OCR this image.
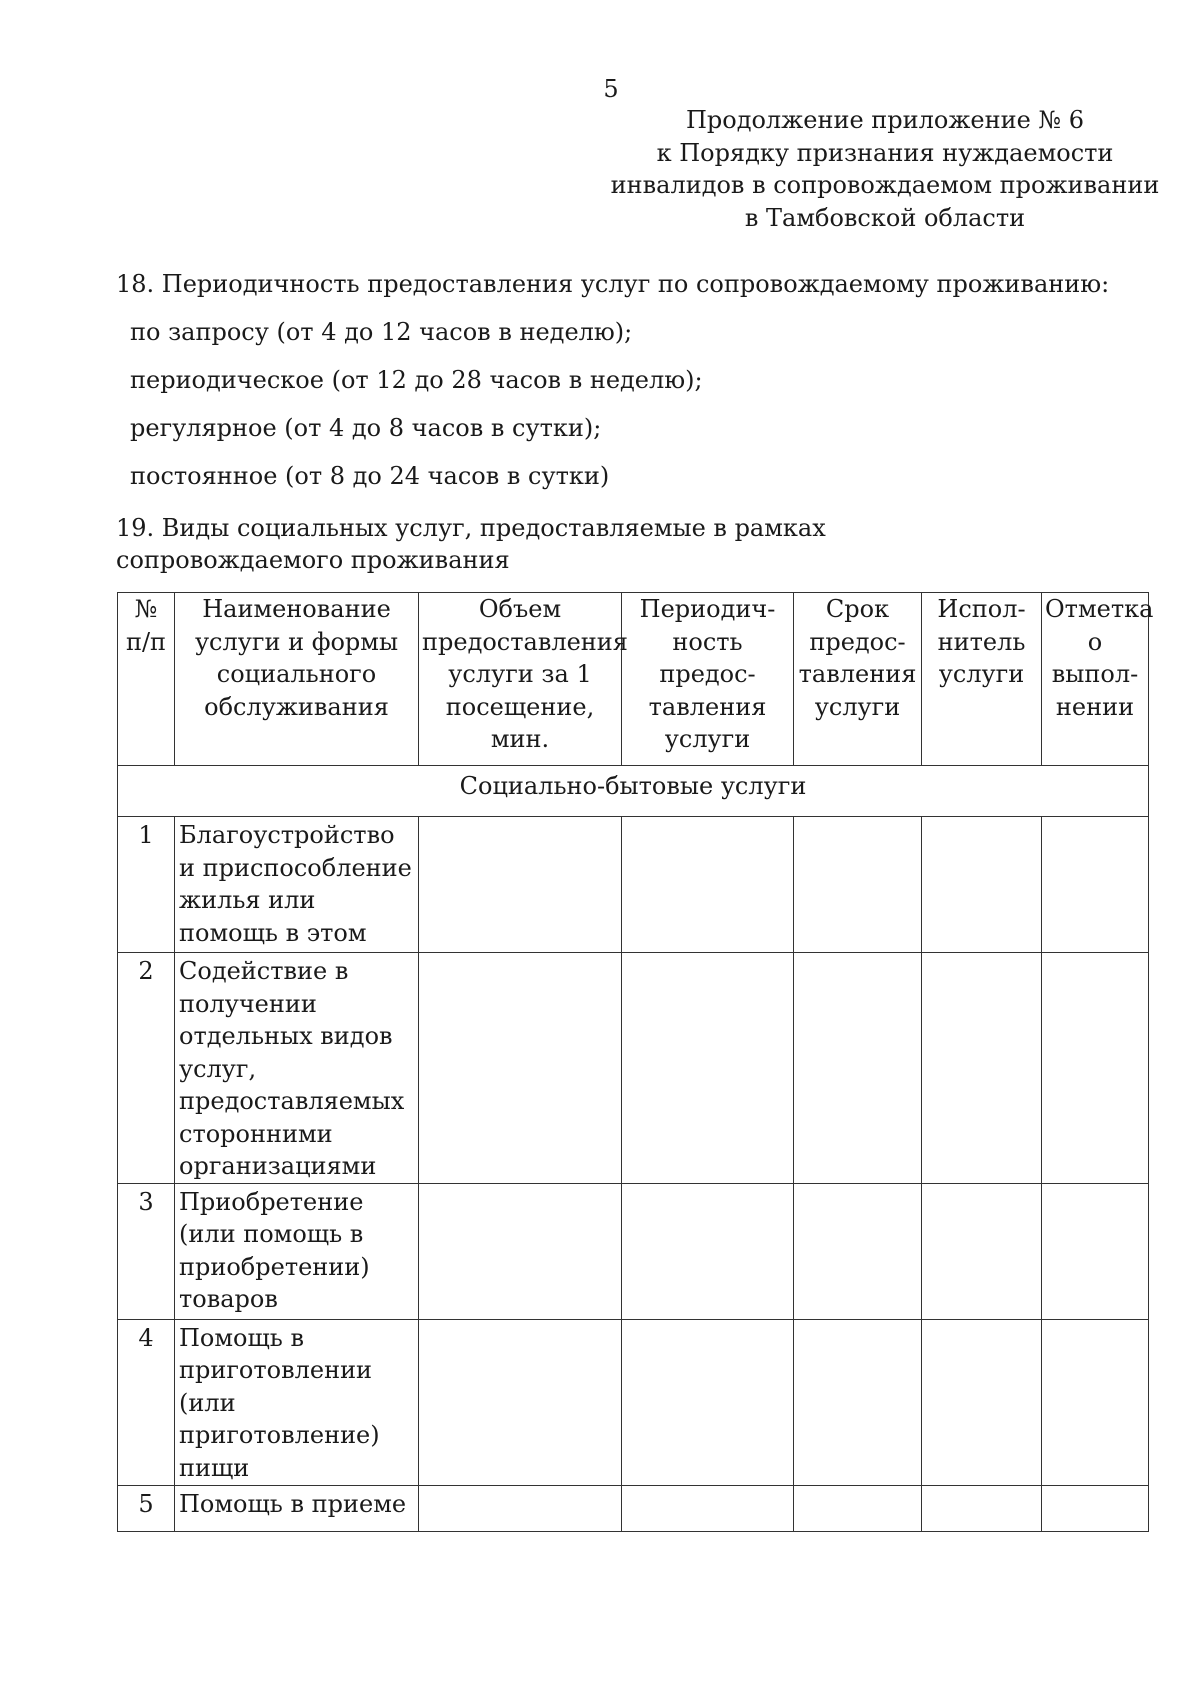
5
Продолжение приложение № 6
к Порядку признания нуждаемости
инвалидов в сопровождаемом проживании
в Тамбовской области
18. Периодичность предоставления услуг по сопровождаемому проживанию:
по запросу (от 4 до 12 часов в неделю);
периодическое (от 12 до 28 часов в неделю);
регулярное (от 4 до 8 часов в сутки);
постоянное (от 8 до 24 часов в сутки)
19. Виды социальных услуг, предоставляемые в рамках сопровождаемого проживания
№ п/п	Наименование услуги и формы социального обслуживания	Объем предоставления услуги за 1 посещение, мин.	Периодич-ность предос-тавления услуги	Срок предос-тавления услуги	Испол-нитель услуги	Отметка о выпол-нении
Социально-бытовые услуги						
1	Благоустройство и приспособление жилья или помощь в этом					
2	Содействие в получении отдельных видов услуг, предоставляемых сторонними организациями					
3	Приобретение (или помощь в приобретении) товаров					
4	Помощь в приготовлении (или приготовление) пищи					
5	Помощь в приеме					
